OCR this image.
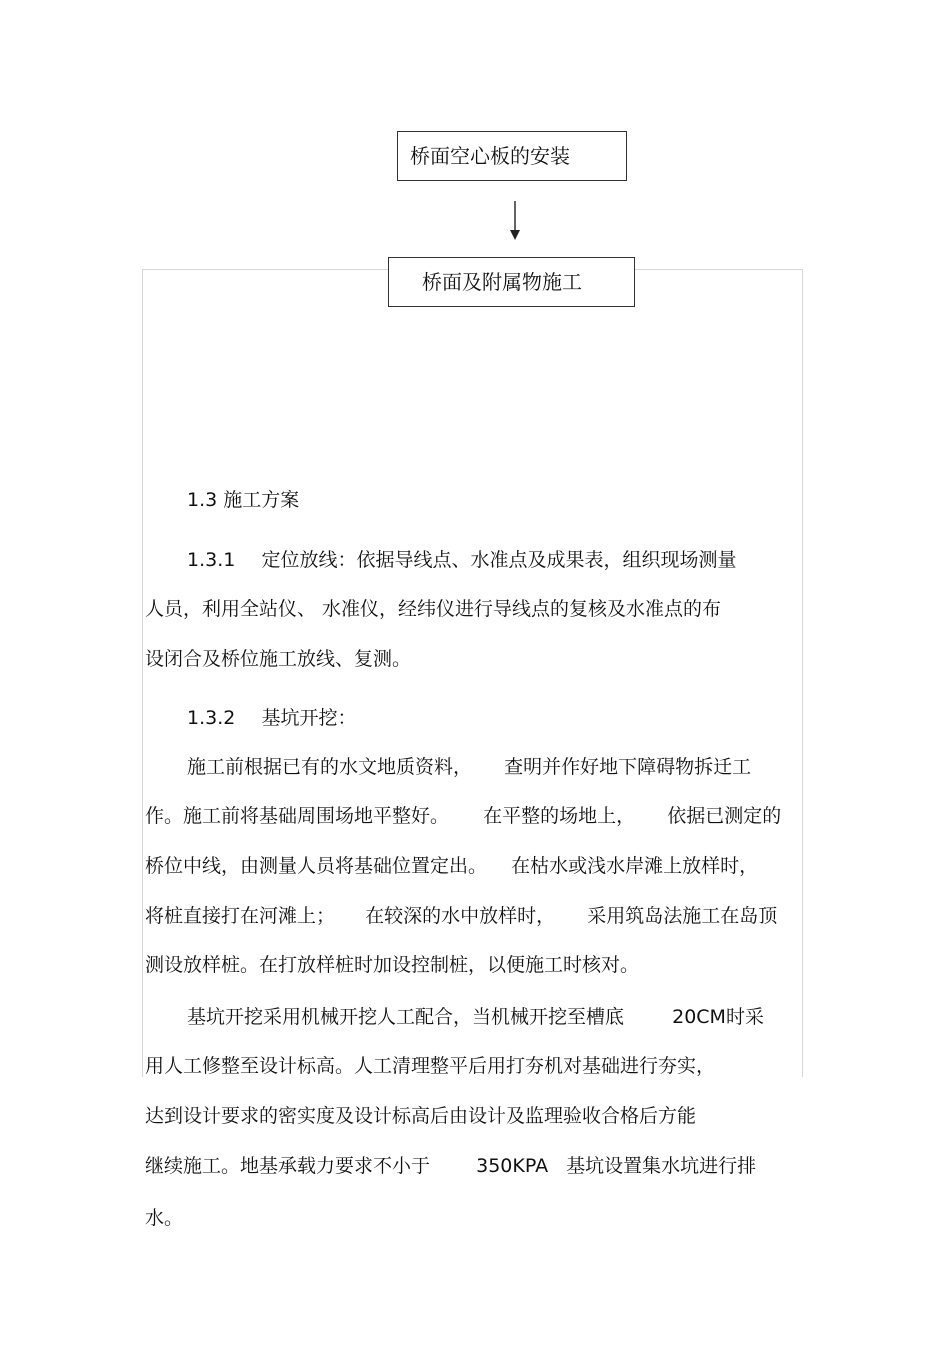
桥面空心板的安装
桥面及附属物施工
1.3 施工方案
1.3.1 定位放线：依据导线点、水准点及成果表，组织现场测量
人员，利用全站仪、 水准仪，经纬仪进行导线点的复核及水准点的布
设闭合及桥位施工放线、复测。
1.3.2 基坑开挖：
施工前根据已有的水文地质资料， 查明并作好地下障碍物拆迁工
作。施工前将基础周围场地平整好。 在平整的场地上， 依据已测定的
桥位中线，由测量人员将基础位置定出。 在枯水或浅水岸滩上放样时，
将桩直接打在河滩上； 在较深的水中放样时， 采用筑岛法施工在岛顶
测设放样桩。在打放样桩时加设控制桩，以便施工时核对。
基坑开挖采用机械开挖人工配合，当机械开挖至槽底	20CM时采
用人工修整至设计标高。人工清理整平后用打夯机对基础进行夯实，
达到设计要求的密实度及设计标高后由设计及监理验收合格后方能
继续施工。地基承载力要求不小于 350KPA 基坑设置集水坑进行排
水。
